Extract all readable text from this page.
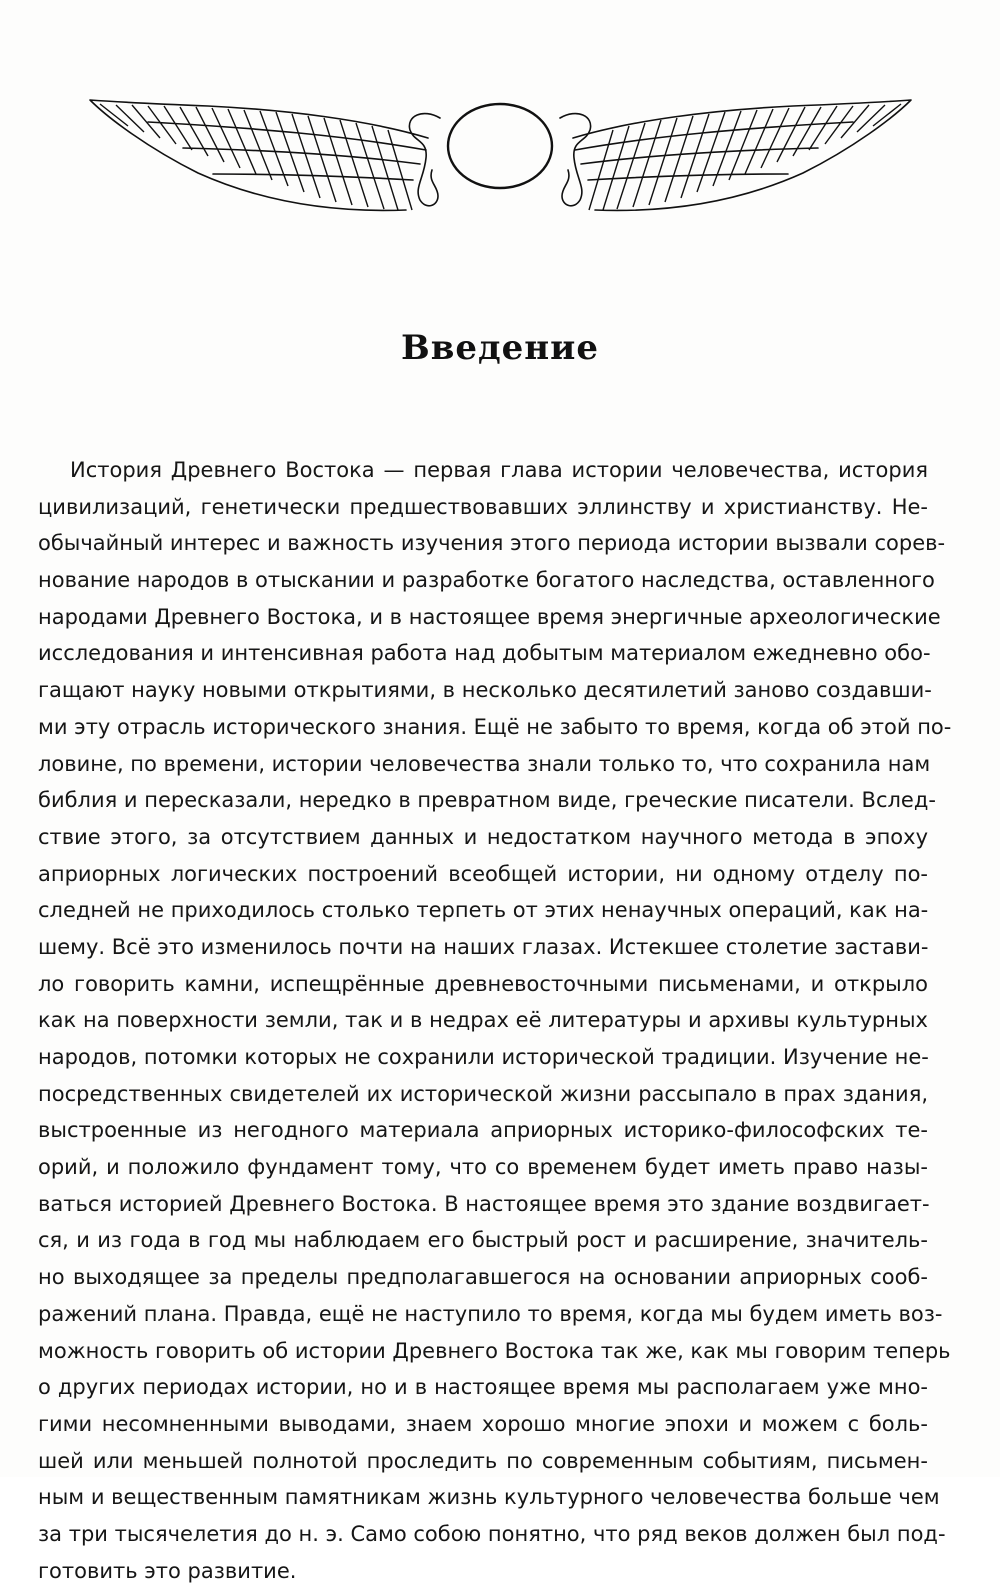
Введение
История Древнего Востока — первая глава истории человечества, история
цивилизаций, генетически предшествовавших эллинству и христианству. Не-
обычайный интерес и важность изучения этого периода истории вызвали сорев-
нование народов в отыскании и разработке богатого наследства, оставленного
народами Древнего Востока, и в настоящее время энергичные археологические
исследования и интенсивная работа над добытым материалом ежедневно обо-
гащают науку новыми открытиями, в несколько десятилетий заново создавши-
ми эту отрасль исторического знания. Ещё не забыто то время, когда об этой по-
ловине, по времени, истории человечества знали только то, что сохранила нам
библия и пересказали, нередко в превратном виде, греческие писатели. Вслед-
ствие этого, за отсутствием данных и недостатком научного метода в эпоху
априорных логических построений всеобщей истории, ни одному отделу по-
следней не приходилось столько терпеть от этих ненаучных операций, как на-
шему. Всё это изменилось почти на наших глазах. Истекшее столетие застави-
ло говорить камни, испещрённые древневосточными письменами, и открыло
как на поверхности земли, так и в недрах её литературы и архивы культурных
народов, потомки которых не сохранили исторической традиции. Изучение не-
посредственных свидетелей их исторической жизни рассыпало в прах здания,
выстроенные из негодного материала априорных историко-философских те-
орий, и положило фундамент тому, что со временем будет иметь право назы-
ваться историей Древнего Востока. В настоящее время это здание воздвигает-
ся, и из года в год мы наблюдаем его быстрый рост и расширение, значитель-
но выходящее за пределы предполагавшегося на основании априорных сооб-
ражений плана. Правда, ещё не наступило то время, когда мы будем иметь воз-
можность говорить об истории Древнего Востока так же, как мы говорим теперь
о других периодах истории, но и в настоящее время мы располагаем уже мно-
гими несомненными выводами, знаем хорошо многие эпохи и можем с боль-
шей или меньшей полнотой проследить по современным событиям, письмен-
ным и вещественным памятникам жизнь культурного человечества больше чем
за три тысячелетия до н. э. Само собою понятно, что ряд веков должен был под-
готовить это развитие.
